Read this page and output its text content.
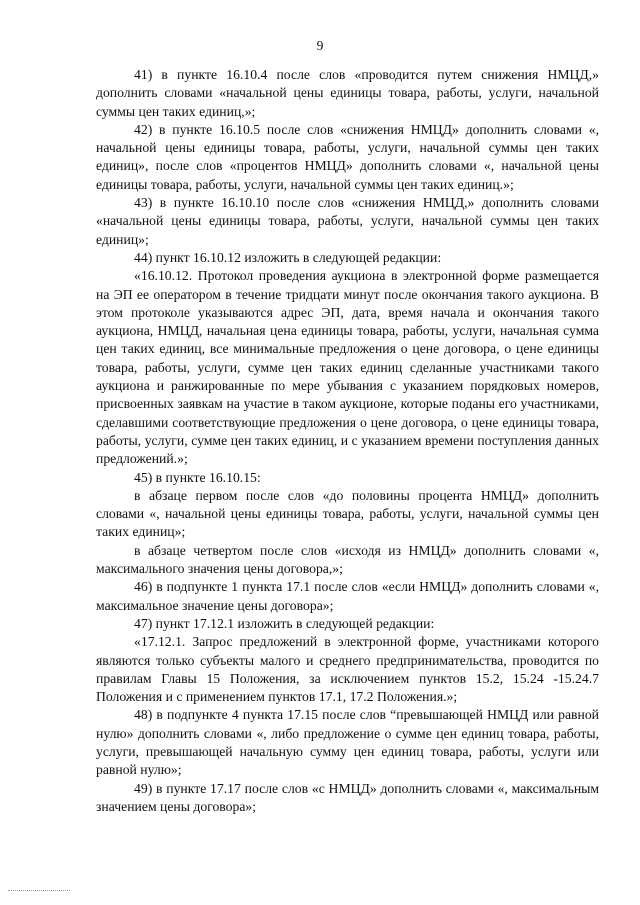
9

41) в пункте 16.10.4 после слов «проводится путем снижения НМЦД,» дополнить словами «начальной цены единицы товара, работы, услуги, начальной суммы цен таких единиц,»;

42) в пункте 16.10.5 после слов «снижения НМЦД» дополнить словами «, начальной цены единицы товара, работы, услуги, начальной суммы цен таких единиц», после слов «процентов НМЦД» дополнить словами «, начальной цены единицы товара, работы, услуги, начальной суммы цен таких единиц.»;

43) в пункте 16.10.10 после слов «снижения НМЦД,» дополнить словами «начальной цены единицы товара, работы, услуги, начальной суммы цен таких единиц»;

44) пункт 16.10.12 изложить в следующей редакции:

«16.10.12. Протокол проведения аукциона в электронной форме размещается на ЭП ее оператором в течение тридцати минут после окончания такого аукциона. В этом протоколе указываются адрес ЭП, дата, время начала и окончания такого аукциона, НМЦД, начальная цена единицы товара, работы, услуги, начальная сумма цен таких единиц, все минимальные предложения о цене договора, о цене единицы товара, работы, услуги, сумме цен таких единиц сделанные участниками такого аукциона и ранжированные по мере убывания с указанием порядковых номеров, присвоенных заявкам на участие в таком аукционе, которые поданы его участниками, сделавшими соответствующие предложения о цене договора, о цене единицы товара, работы, услуги, сумме цен таких единиц, и с указанием времени поступления данных предложений.»;

45) в пункте 16.10.15:

в абзаце первом после слов «до половины процента НМЦД» дополнить словами «, начальной цены единицы товара, работы, услуги, начальной суммы цен таких единиц»;

в абзаце четвертом после слов «исходя из НМЦД» дополнить словами «, максимального значения цены договора,»;

46) в подпункте 1 пункта 17.1 после слов «если НМЦД» дополнить словами «, максимальное значение цены договора»;

47) пункт 17.12.1 изложить в следующей редакции:

«17.12.1. Запрос предложений в электронной форме, участниками которого являются только субъекты малого и среднего предпринимательства, проводится по правилам Главы 15 Положения, за исключением пунктов 15.2, 15.24 -15.24.7 Положения и с применением пунктов 17.1, 17.2 Положения.»;

48) в подпункте 4 пункта 17.15 после слов “превышающей НМЦД или равной нулю» дополнить словами «, либо предложение о сумме цен единиц товара, работы, услуги, превышающей начальную сумму цен единиц товара, работы, услуги или равной нулю»;

49) в пункте 17.17 после слов «с НМЦД» дополнить словами «, максимальным значением цены договора»;
